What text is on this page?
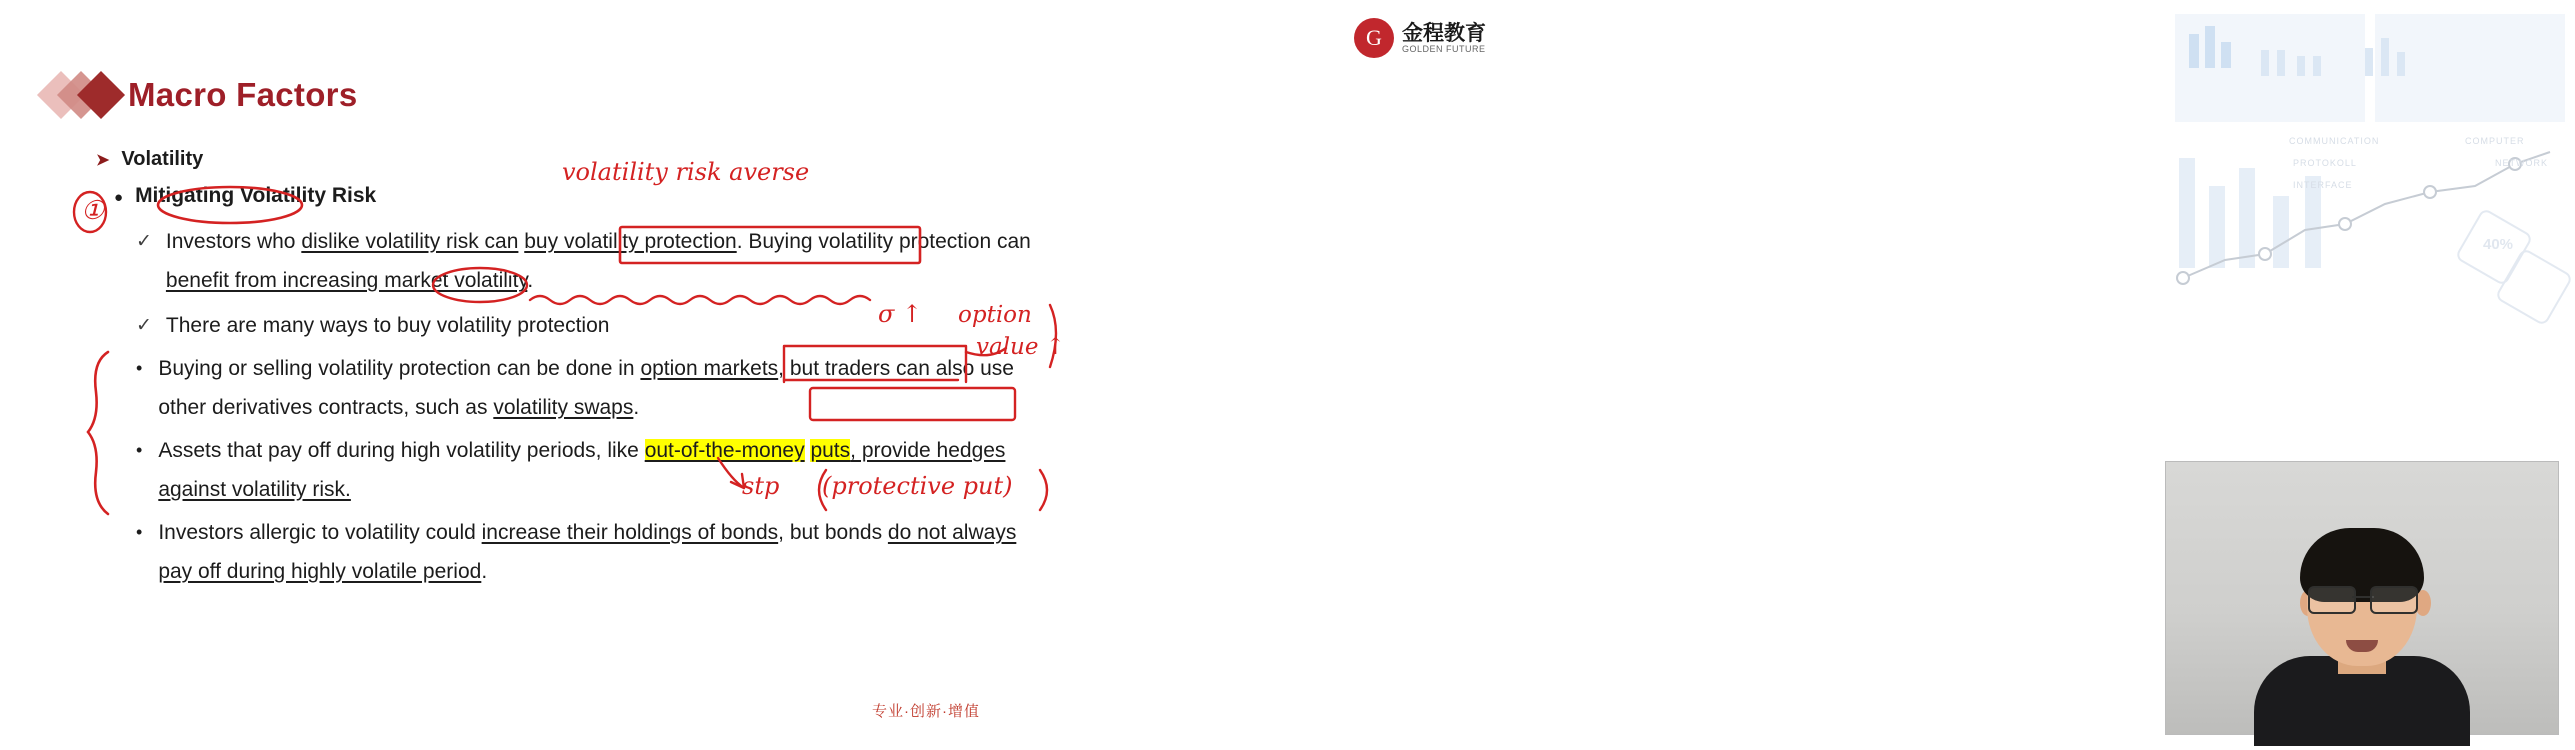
Macro Factors
➤ Volatility
● Mitigating Volatility Risk
✓ Investors who dislike volatility risk can buy volatility protection. Buying volatility protection can benefit from increasing market volatility.
✓ There are many ways to buy volatility protection
• Buying or selling volatility protection can be done in option markets, but traders can also use other derivatives contracts, such as volatility swaps.
• Assets that pay off during high volatility periods, like out-of-the-money puts, provide hedges against volatility risk.
• Investors allergic to volatility could increase their holdings of bonds, but bonds do not always pay off during highly volatile period.
专业·创新·增值
①
volatility risk averse
σ ↑ option
value ↑
stp (protective put)
40%
COMMUNICATION
PROTOKOLL
INTERFACE
COMPUTER
NETWORK
G 金程教育
GOLDEN FUTURE
